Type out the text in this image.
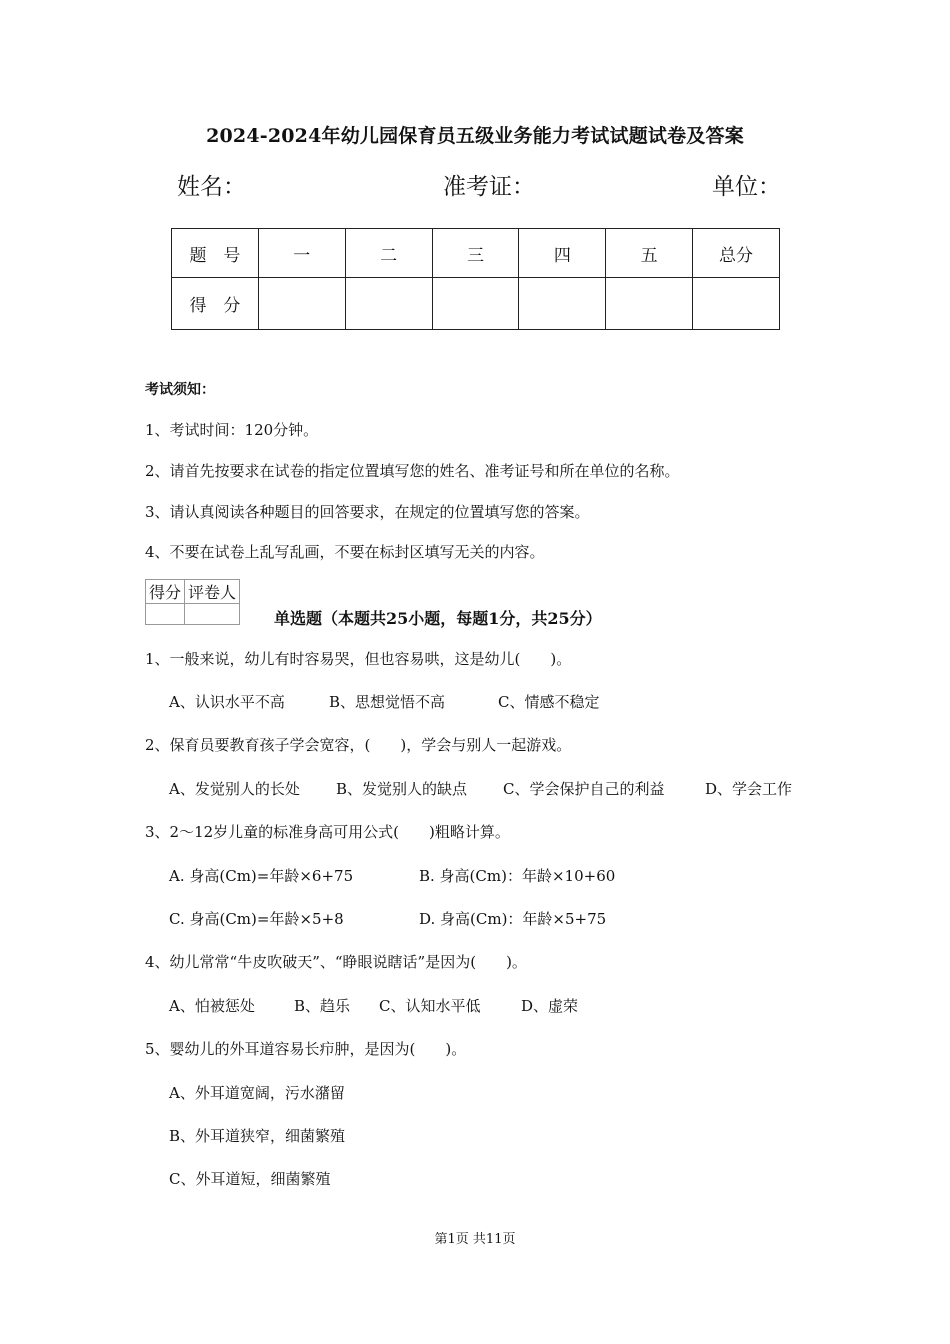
2024-2024年幼儿园保育员五级业务能力考试试题试卷及答案
姓名：	准考证：	单位：
题　号	一	二	三	四	五	总分
得　分						
考试须知：
1、考试时间：120分钟。
2、请首先按要求在试卷的指定位置填写您的姓名、准考证号和所在单位的名称。
3、请认真阅读各种题目的回答要求，在规定的位置填写您的答案。
4、不要在试卷上乱写乱画，不要在标封区填写无关的内容。
得分	评卷人

单选题（本题共25小题，每题1分，共25分）
1、一般来说，幼儿有时容易哭，但也容易哄，这是幼儿(　　)。
A、认识水平不高	B、思想觉悟不高	C、情感不稳定
2、保育员要教育孩子学会宽容，(　　)，学会与别人一起游戏。
A、发觉别人的长处 B、发觉别人的缺点 C、学会保护自己的利益	D、学会工作
3、2～12岁儿童的标准身高可用公式(　　)粗略计算。
A. 身高(Cm)=年龄×6+75	B. 身高(Cm)：年龄×10+60
C. 身高(Cm)=年龄×5+8	D. 身高(Cm)：年龄×5+75
4、幼儿常常“牛皮吹破天”、“睁眼说瞎话”是因为(　　)。
A、怕被惩处	B、趋乐 C、认知水平低	D、虚荣
5、婴幼儿的外耳道容易长疖肿，是因为(　　)。
A、外耳道宽阔，污水潴留
B、外耳道狭窄，细菌繁殖
C、外耳道短，细菌繁殖
第1页 共11页
